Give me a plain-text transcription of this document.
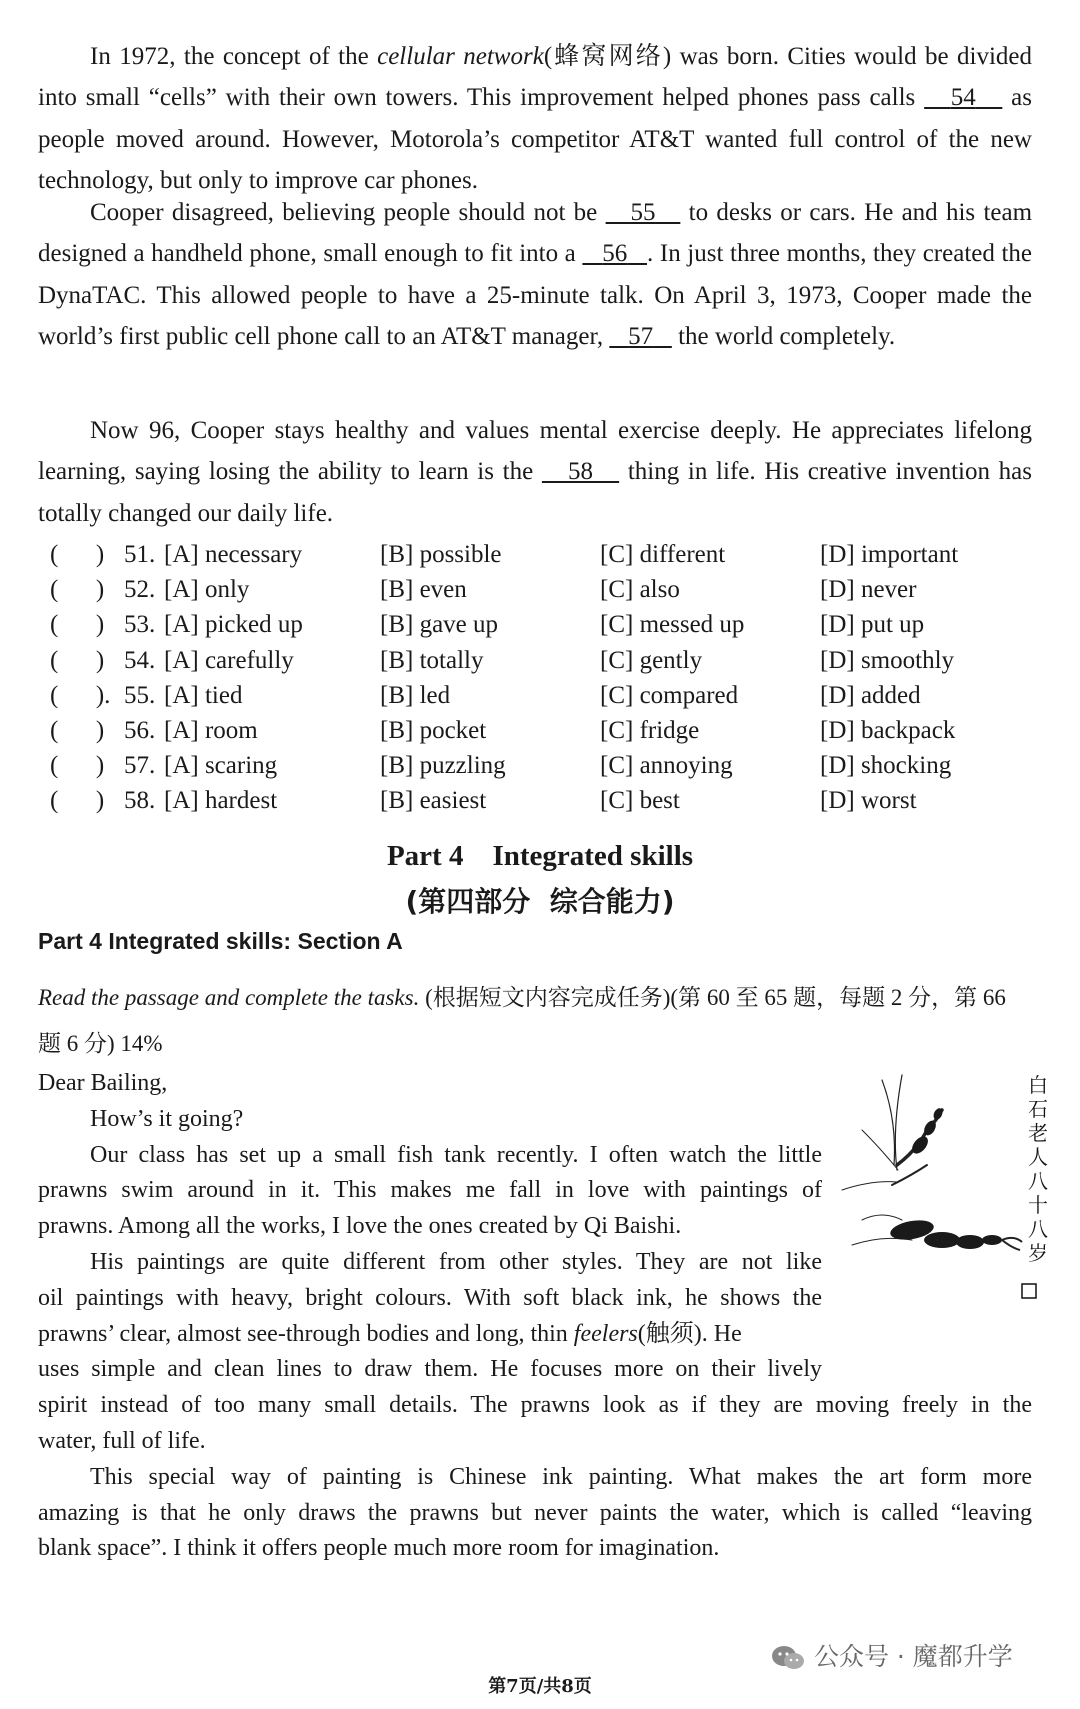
In 1972, the concept of the cellular network(蜂窝网络) was born. Cities would be divided into small “cells” with their own towers. This improvement helped phones pass calls    54    as people moved around. However, Motorola’s competitor AT&T wanted full control of the new technology, but only to improve car phones.

Cooper disagreed, believing people should not be    55    to desks or cars. He and his team designed a handheld phone, small enough to fit into a    56 . In just three months, they created the DynaTAC. This allowed people to have a 25-minute talk. On April 3, 1973, Cooper made the world’s first public cell phone call to an AT&T manager,    57    the world completely.

Now 96, Cooper stays healthy and values mental exercise deeply. He appreciates lifelong learning, saying losing the ability to learn is the    58    thing in life. His creative invention has totally changed our daily life.

(      ) 51. [A] necessary	[B] possible	[C] different	[D] important
(      ) 52. [A] only	[B] even	[C] also	[D] never
(      ) 53. [A] picked up	[B] gave up	[C] messed up	[D] put up
(      ) 54. [A] carefully	[B] totally	[C] gently	[D] smoothly
(      ). 55. [A] tied	[B] led	[C] compared	[D] added
(      ) 56. [A] room	[B] pocket	[C] fridge	[D] backpack
(      ) 57. [A] scaring	[B] puzzling	[C] annoying	[D] shocking
(      ) 58. [A] hardest	[B] easiest	[C] best	[D] worst
Part 4    Integrated skills
(第四部分  综合能力)
Part 4 Integrated skills: Section A

Read the passage and complete the tasks. (根据短文内容完成任务)(第 60 至 65 题，每题 2 分，第 66 题 6 分) 14%

Dear Bailing,
How’s it going?
Our class has set up a small fish tank recently. I often watch the little
prawns swim around in it. This makes me fall in love with paintings of
prawns. Among all the works, I love the ones created by Qi Baishi.
His paintings are quite different from other styles. They are not like
oil paintings with heavy, bright colours. With soft black ink, he shows the
prawns’ clear, almost see-through bodies and long, thin feelers(触须). He
uses simple and clean lines to draw them. He focuses more on their lively
spirit instead of too many small details. The prawns look as if they are moving freely in the
water, full of life.
This special way of painting is Chinese ink painting. What makes the art form more
amazing is that he only draws the prawns but never paints the water, which is called “leaving
blank space”. I think it offers people much more room for imagination.
白 石 老 人 八 十 八 岁
公众号 · 魔都升学
第7页/共8页
